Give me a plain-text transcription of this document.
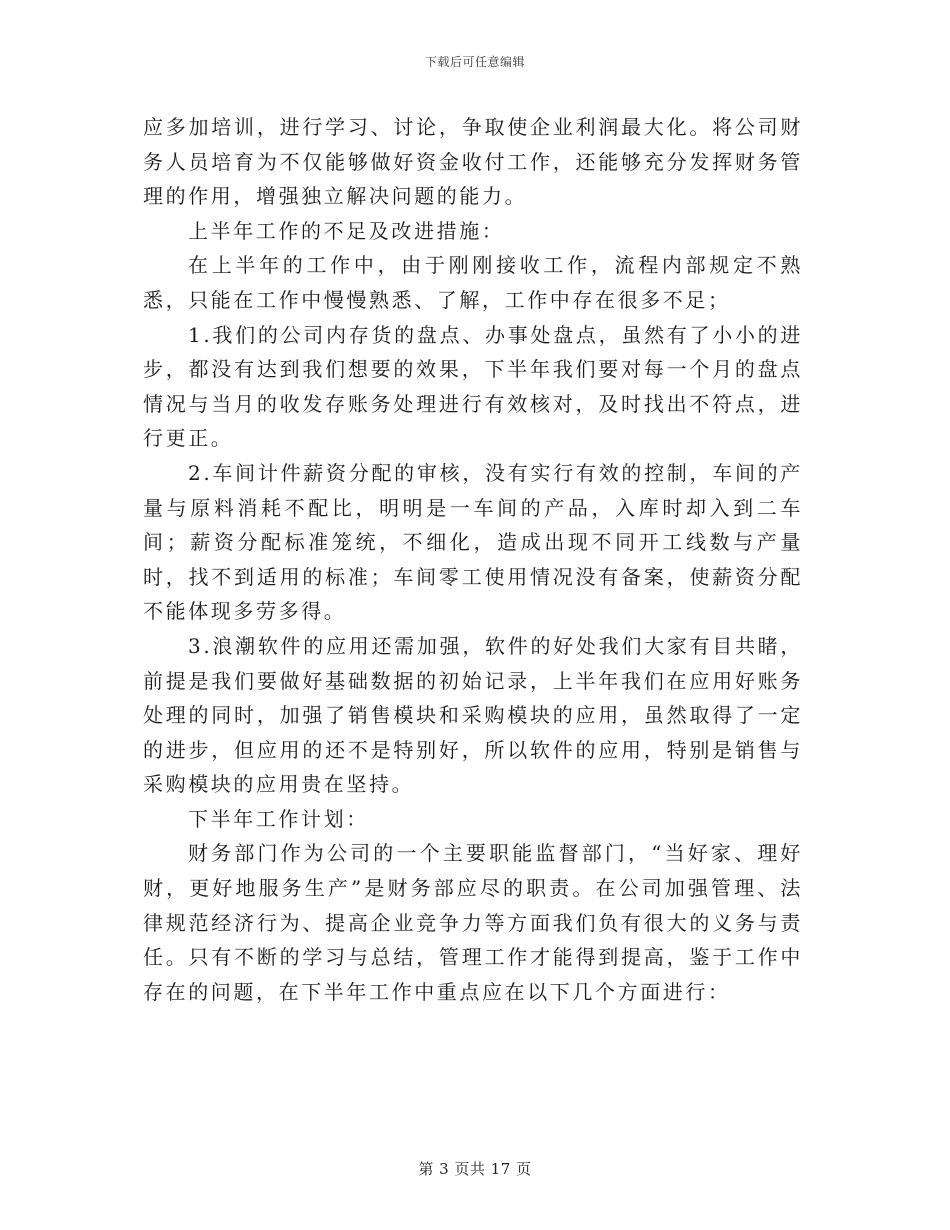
下载后可任意编辑

应多加培训，进行学习、讨论，争取使企业利润最大化。将公司财务人员培育为不仅能够做好资金收付工作，还能够充分发挥财务管理的作用，增强独立解决问题的能力。

上半年工作的不足及改进措施：

在上半年的工作中，由于刚刚接收工作，流程内部规定不熟悉，只能在工作中慢慢熟悉、了解，工作中存在很多不足；

1.我们的公司内存货的盘点、办事处盘点，虽然有了小小的进步，都没有达到我们想要的效果，下半年我们要对每一个月的盘点情况与当月的收发存账务处理进行有效核对，及时找出不符点，进行更正。

2.车间计件薪资分配的审核，没有实行有效的控制，车间的产量与原料消耗不配比，明明是一车间的产品，入库时却入到二车间；薪资分配标准笼统，不细化，造成出现不同开工线数与产量时，找不到适用的标准；车间零工使用情况没有备案，使薪资分配不能体现多劳多得。

3.浪潮软件的应用还需加强，软件的好处我们大家有目共睹，前提是我们要做好基础数据的初始记录，上半年我们在应用好账务处理的同时，加强了销售模块和采购模块的应用，虽然取得了一定的进步，但应用的还不是特别好，所以软件的应用，特别是销售与采购模块的应用贵在坚持。

下半年工作计划：

财务部门作为公司的一个主要职能监督部门，“当好家、理好财，更好地服务生产”是财务部应尽的职责。在公司加强管理、法律规范经济行为、提高企业竞争力等方面我们负有很大的义务与责任。只有不断的学习与总结，管理工作才能得到提高，鉴于工作中存在的问题，在下半年工作中重点应在以下几个方面进行：

第 3 页共 17 页
